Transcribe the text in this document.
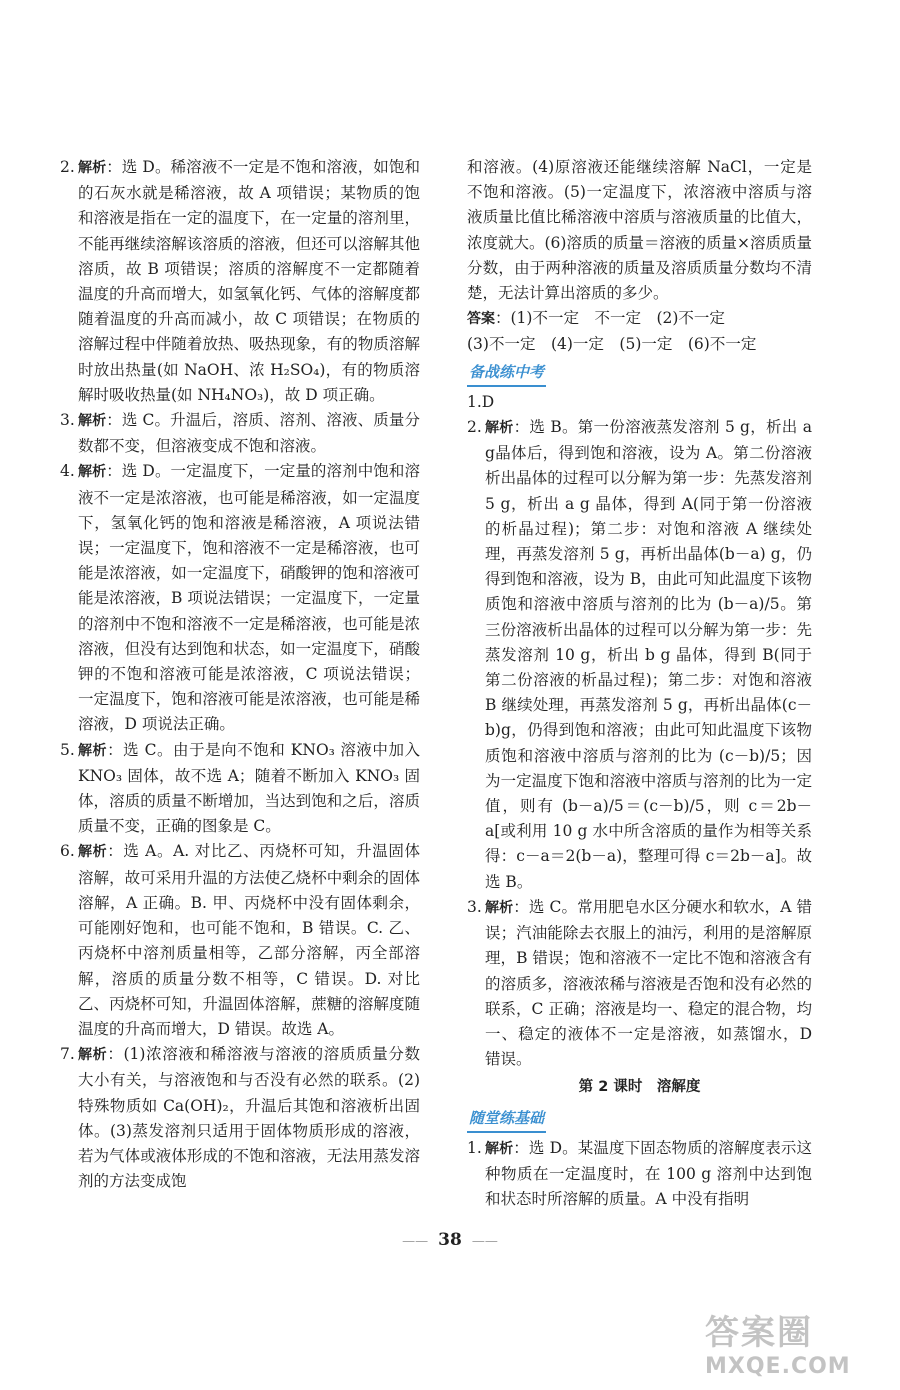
2. 解析：选 D。稀溶液不一定是不饱和溶液，如饱和的石灰水就是稀溶液，故 A 项错误；某物质的饱和溶液是指在一定的温度下，在一定量的溶剂里，不能再继续溶解该溶质的溶液，但还可以溶解其他溶质，故 B 项错误；溶质的溶解度不一定都随着温度的升高而增大，如氢氧化钙、气体的溶解度都随着温度的升高而减小，故 C 项错误；在物质的溶解过程中伴随着放热、吸热现象，有的物质溶解时放出热量(如 NaOH、浓 H₂SO₄)，有的物质溶解时吸收热量(如 NH₄NO₃)，故 D 项正确。
3. 解析：选 C。升温后，溶质、溶剂、溶液、质量分数都不变，但溶液变成不饱和溶液。
4. 解析：选 D。一定温度下，一定量的溶剂中饱和溶液不一定是浓溶液，也可能是稀溶液，如一定温度下，氢氧化钙的饱和溶液是稀溶液，A 项说法错误；一定温度下，饱和溶液不一定是稀溶液，也可能是浓溶液，如一定温度下，硝酸钾的饱和溶液可能是浓溶液，B 项说法错误；一定温度下，一定量的溶剂中不饱和溶液不一定是稀溶液，也可能是浓溶液，但没有达到饱和状态，如一定温度下，硝酸钾的不饱和溶液可能是浓溶液，C 项说法错误；一定温度下，饱和溶液可能是浓溶液，也可能是稀溶液，D 项说法正确。
5. 解析：选 C。由于是向不饱和 KNO₃ 溶液中加入 KNO₃ 固体，故不选 A；随着不断加入 KNO₃ 固体，溶质的质量不断增加，当达到饱和之后，溶质质量不变，正确的图象是 C。
6. 解析：选 A。A. 对比乙、丙烧杯可知，升温固体溶解，故可采用升温的方法使乙烧杯中剩余的固体溶解，A 正确。B. 甲、丙烧杯中没有固体剩余，可能刚好饱和，也可能不饱和，B 错误。C. 乙、丙烧杯中溶剂质量相等，乙部分溶解，丙全部溶解，溶质的质量分数不相等，C 错误。D. 对比乙、丙烧杯可知，升温固体溶解，蔗糖的溶解度随温度的升高而增大，D 错误。故选 A。
7. 解析：(1)浓溶液和稀溶液与溶液的溶质质量分数大小有关，与溶液饱和与否没有必然的联系。(2)特殊物质如 Ca(OH)₂，升温后其饱和溶液析出固体。(3)蒸发溶剂只适用于固体物质形成的溶液，若为气体或液体形成的不饱和溶液，无法用蒸发溶剂的方法变成饱
和溶液。(4)原溶液还能继续溶解 NaCl，一定是不饱和溶液。(5)一定温度下，浓溶液中溶质与溶液质量比值比稀溶液中溶质与溶液质量的比值大，浓度就大。(6)溶质的质量＝溶液的质量×溶质质量分数，由于两种溶液的质量及溶质质量分数均不清楚，无法计算出溶质的多少。
答案：(1)不一定　不一定　(2)不一定
(3)不一定　(4)一定　(5)一定　(6)不一定
备战练中考
1.D
2. 解析：选 B。第一份溶液蒸发溶剂 5 g，析出 a g晶体后，得到饱和溶液，设为 A。第二份溶液析出晶体的过程可以分解为第一步：先蒸发溶剂 5 g，析出 a g 晶体，得到 A(同于第一份溶液的析晶过程)；第二步：对饱和溶液 A 继续处理，再蒸发溶剂 5 g，再析出晶体(b－a) g，仍得到饱和溶液，设为 B，由此可知此温度下该物质饱和溶液中溶质与溶剂的比为 (b－a)/5。第三份溶液析出晶体的过程可以分解为第一步：先蒸发溶剂 10 g，析出 b g 晶体，得到 B(同于第二份溶液的析晶过程)；第二步：对饱和溶液 B 继续处理，再蒸发溶剂 5 g，再析出晶体(c－b)g，仍得到饱和溶液；由此可知此温度下该物质饱和溶液中溶质与溶剂的比为 (c－b)/5；因为一定温度下饱和溶液中溶质与溶剂的比为一定值，则有 (b－a)/5＝(c－b)/5，则 c＝2b－a[或利用 10 g 水中所含溶质的量作为相等关系得：c－a＝2(b－a)，整理可得 c＝2b－a]。故选 B。
3. 解析：选 C。常用肥皂水区分硬水和软水，A 错误；汽油能除去衣服上的油污，利用的是溶解原理，B 错误；饱和溶液不一定比不饱和溶液含有的溶质多，溶液浓稀与溶液是否饱和没有必然的联系，C 正确；溶液是均一、稳定的混合物，均一、稳定的液体不一定是溶液，如蒸馏水，D 错误。
第 2 课时　溶解度
随堂练基础
1. 解析：选 D。某温度下固态物质的溶解度表示这种物质在一定温度时，在 100 g 溶剂中达到饱和状态时所溶解的质量。A 中没有指明
—— 38 ——
答案圈
MXQE.COM
